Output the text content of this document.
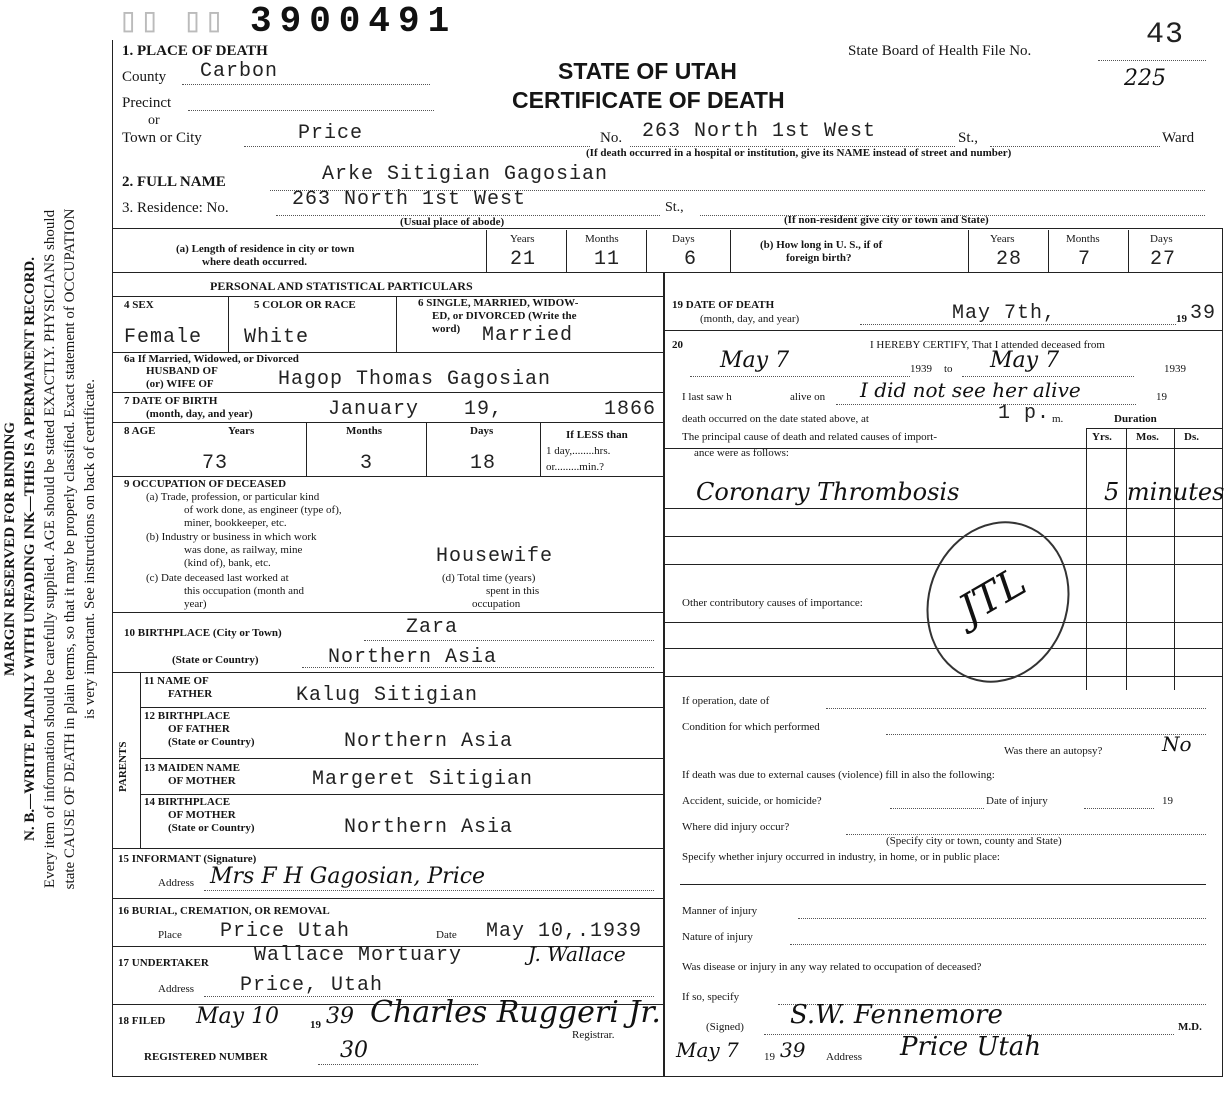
MARGIN RESERVED FOR BINDING N. B.—WRITE PLAINLY WITH UNFADING INK—THIS IS A PERMANENT RECORD. Every item of information should be carefully supplied. AGE should be stated EXACTLY. PHYSICIANS should state CAUSE OF DEATH in plain terms, so that it may be properly classified. Exact statement of OCCUPATION is very important. See instructions on back of certificate.
▯▯ ▯▯ 3900491
1. PLACE OF DEATH	State Board of Health File No.	43
225
STATE OF UTAH
CERTIFICATE OF DEATH
County Carbon
Precinct
or
Town or City	Price	No. 263 North 1st West	St.,	Ward
(If death occurred in a hospital or institution, give its NAME instead of street and number)
2. FULL NAME	Arke Sitigian Gagosian
3. Residence: No.	263 North 1st West	St.,
(Usual place of abode)	(If non-resident give city or town and State)
(a) Length of residence in city or town
where death occurred.
Years	Months	Days
21	11	6
(b) How long in U. S., if of
foreign birth?
Years	Months	Days
28	7	27
PERSONAL AND STATISTICAL PARTICULARS
4 SEX
Female
5 COLOR OR RACE
White
6 SINGLE, MARRIED, WIDOW-
ED, or DIVORCED (Write the
word) Married
6a If Married, Widowed, or Divorced
HUSBAND OF
(or) WIFE OF	Hagop Thomas Gagosian
7 DATE OF BIRTH
(month, day, and year)	January 19,	1866
8 AGE	Years	Months	Days	If LESS than
1 day,........hrs.
or.........min.?
73	3	18
9 OCCUPATION OF DECEASED
(a) Trade, profession, or particular kind
of work done, as engineer (type of),
miner, bookkeeper, etc.
(b) Industry or business in which work
was done, as railway, mine
(kind of), bank, etc.	Housewife
(c) Date deceased last worked at
this occupation (month and
year)
(d) Total time (years)
spent in this
occupation
10 BIRTHPLACE (City or Town)	Zara
(State or Country)	Northern Asia
PARENTS
11 NAME OF
FATHER	Kalug Sitigian
12 BIRTHPLACE
OF FATHER
(State or Country)	Northern Asia
13 MAIDEN NAME
OF MOTHER	Margeret Sitigian
14 BIRTHPLACE
OF MOTHER
(State or Country)	Northern Asia
15 INFORMANT (Signature)
Address Mrs F H Gagosian, Price
16 BURIAL, CREMATION, OR REMOVAL
Place Price Utah	Date May 10,.1939
17 UNDERTAKER Wallace Mortuary	J. Wallace
Address Price, Utah
18 FILED May 10	19 39 Charles Ruggeri Jr.
Registrar.
REGISTERED NUMBER	30
19 DATE OF DEATH
(month, day, and year)	May 7th,	19 39
20	I HEREBY CERTIFY, That I attended deceased from
May 7	1939 to May 7	1939
I last saw h	alive on I did not see her alive	19
death occurred on the date stated above, at	1 p. m.	Duration
The principal cause of death and related causes of import-
ance were as follows:
Yrs. Mos. Ds.
Coronary Thrombosis	5 minutes
Other contributory causes of importance: JTL
If operation, date of
Condition for which performed
Was there an autopsy?	No
If death was due to external causes (violence) fill in also the following:
Accident, suicide, or homicide?	Date of injury	19
Where did injury occur?
(Specify city or town, county and State)
Specify whether injury occurred in industry, in home, or in public place:
Manner of injury
Nature of injury
Was disease or injury in any way related to occupation of deceased?
If so, specify
(Signed) S.W. Fennemore	M.D.
May 7 19 39 Address Price Utah
